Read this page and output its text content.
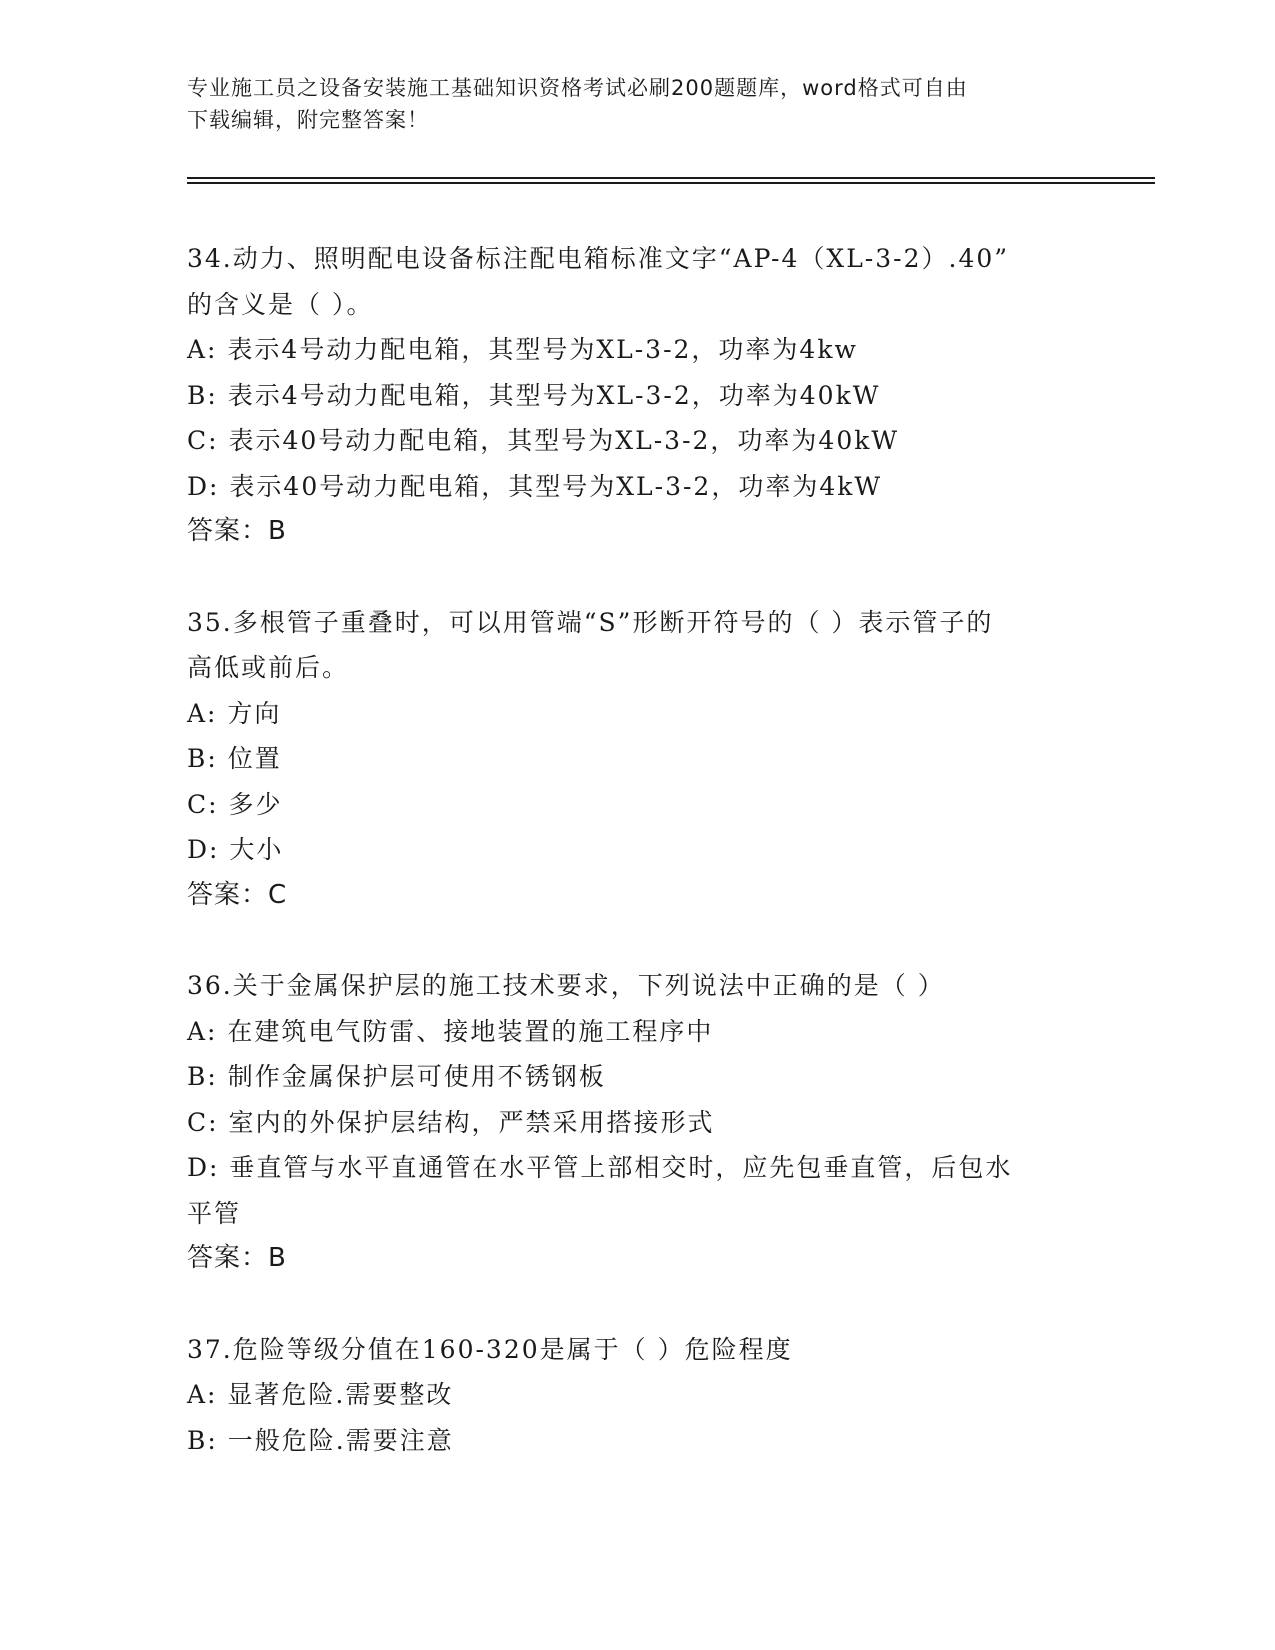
专业施工员之设备安装施工基础知识资格考试必刷200题题库，word格式可自由
下载编辑，附完整答案！
34.动力、照明配电设备标注配电箱标准文字“AP-4（XL-3-2）.40”
的含义是（ ）。
A: 表示4号动力配电箱，其型号为XL-3-2，功率为4kw
B: 表示4号动力配电箱，其型号为XL-3-2，功率为40kW
C: 表示40号动力配电箱，其型号为XL-3-2，功率为40kW
D: 表示40号动力配电箱，其型号为XL-3-2，功率为4kW
答案：B
35.多根管子重叠时，可以用管端“S”形断开符号的（ ）表示管子的
高低或前后。
A: 方向
B: 位置
C: 多少
D: 大小
答案：C
36.关于金属保护层的施工技术要求，下列说法中正确的是（ ）
A: 在建筑电气防雷、接地装置的施工程序中
B: 制作金属保护层可使用不锈钢板
C: 室内的外保护层结构，严禁采用搭接形式
D: 垂直管与水平直通管在水平管上部相交时，应先包垂直管，后包水
平管
答案：B
37.危险等级分值在160-320是属于（ ）危险程度
A: 显著危险.需要整改
B: 一般危险.需要注意
